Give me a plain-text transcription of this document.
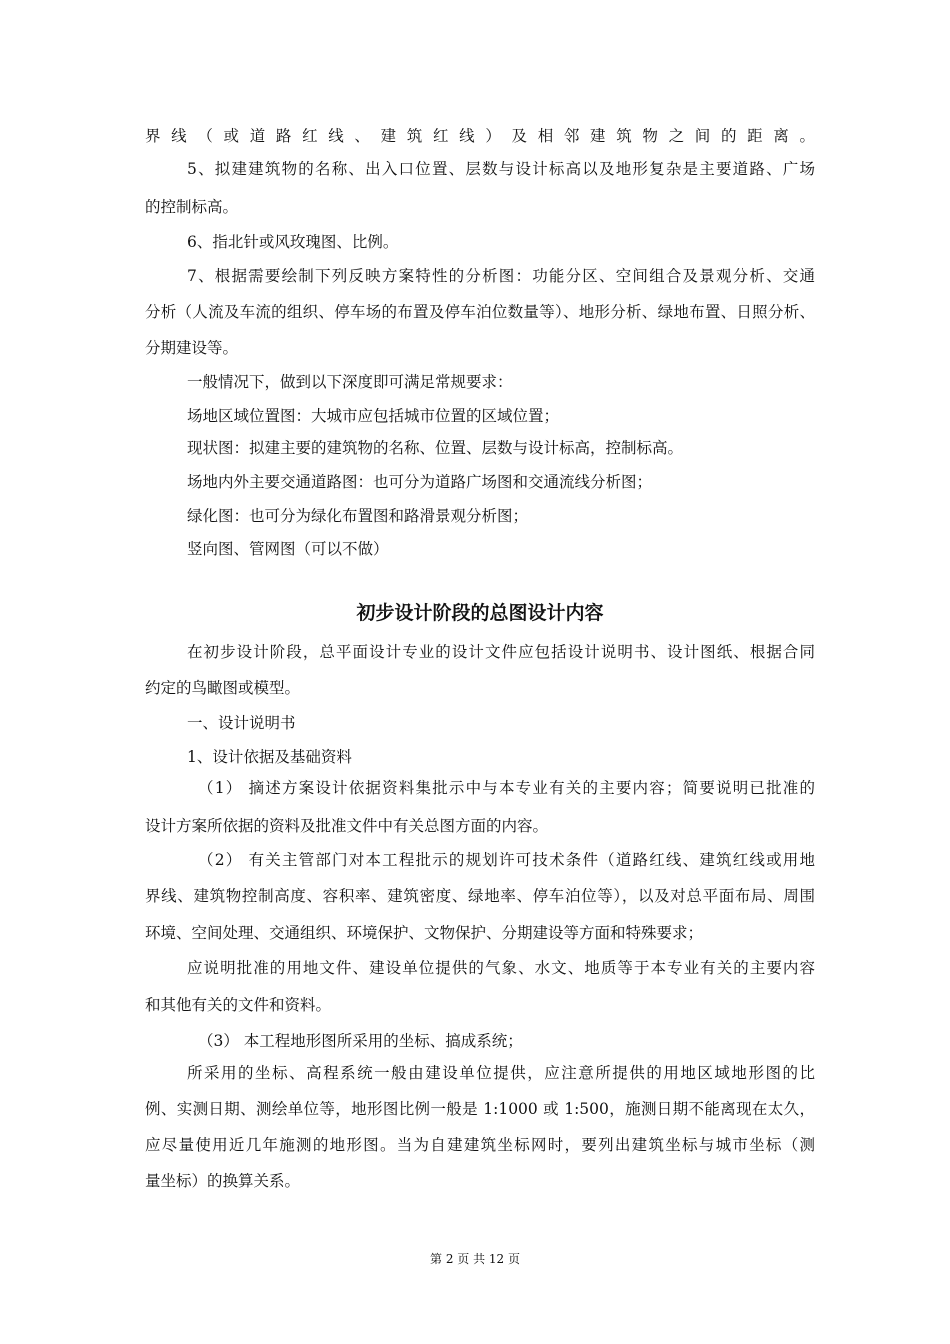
界线（或道路红线、建筑红线）及相邻建筑物之间的距离。
5、拟建建筑物的名称、出入口位置、层数与设计标高以及地形复杂是主要道路、广场
的控制标高。
6、指北针或风玫瑰图、比例。
7、根据需要绘制下列反映方案特性的分析图：功能分区、空间组合及景观分析、交通
分析（人流及车流的组织、停车场的布置及停车泊位数量等）、地形分析、绿地布置、日照分析、
分期建设等。
一般情况下，做到以下深度即可满足常规要求：
场地区域位置图：大城市应包括城市位置的区域位置；
现状图：拟建主要的建筑物的名称、位置、层数与设计标高，控制标高。
场地内外主要交通道路图：也可分为道路广场图和交通流线分析图；
绿化图：也可分为绿化布置图和路滑景观分析图；
竖向图、管网图（可以不做）
初步设计阶段的总图设计内容
在初步设计阶段，总平面设计专业的设计文件应包括设计说明书、设计图纸、根据合同
约定的鸟瞰图或模型。
一、设计说明书
1、设计依据及基础资料
（1） 摘述方案设计依据资料集批示中与本专业有关的主要内容；简要说明已批准的
设计方案所依据的资料及批准文件中有关总图方面的内容。
（2） 有关主管部门对本工程批示的规划许可技术条件（道路红线、建筑红线或用地
界线、建筑物控制高度、容积率、建筑密度、绿地率、停车泊位等），以及对总平面布局、周围
环境、空间处理、交通组织、环境保护、文物保护、分期建设等方面和特殊要求；
应说明批准的用地文件、建设单位提供的气象、水文、地质等于本专业有关的主要内容
和其他有关的文件和资料。
（3） 本工程地形图所采用的坐标、搞成系统；
所采用的坐标、高程系统一般由建设单位提供，应注意所提供的用地区域地形图的比
例、实测日期、测绘单位等，地形图比例一般是 1:1000 或 1:500，施测日期不能离现在太久，
应尽量使用近几年施测的地形图。当为自建建筑坐标网时，要列出建筑坐标与城市坐标（测
量坐标）的换算关系。
第 2 页 共 12 页
